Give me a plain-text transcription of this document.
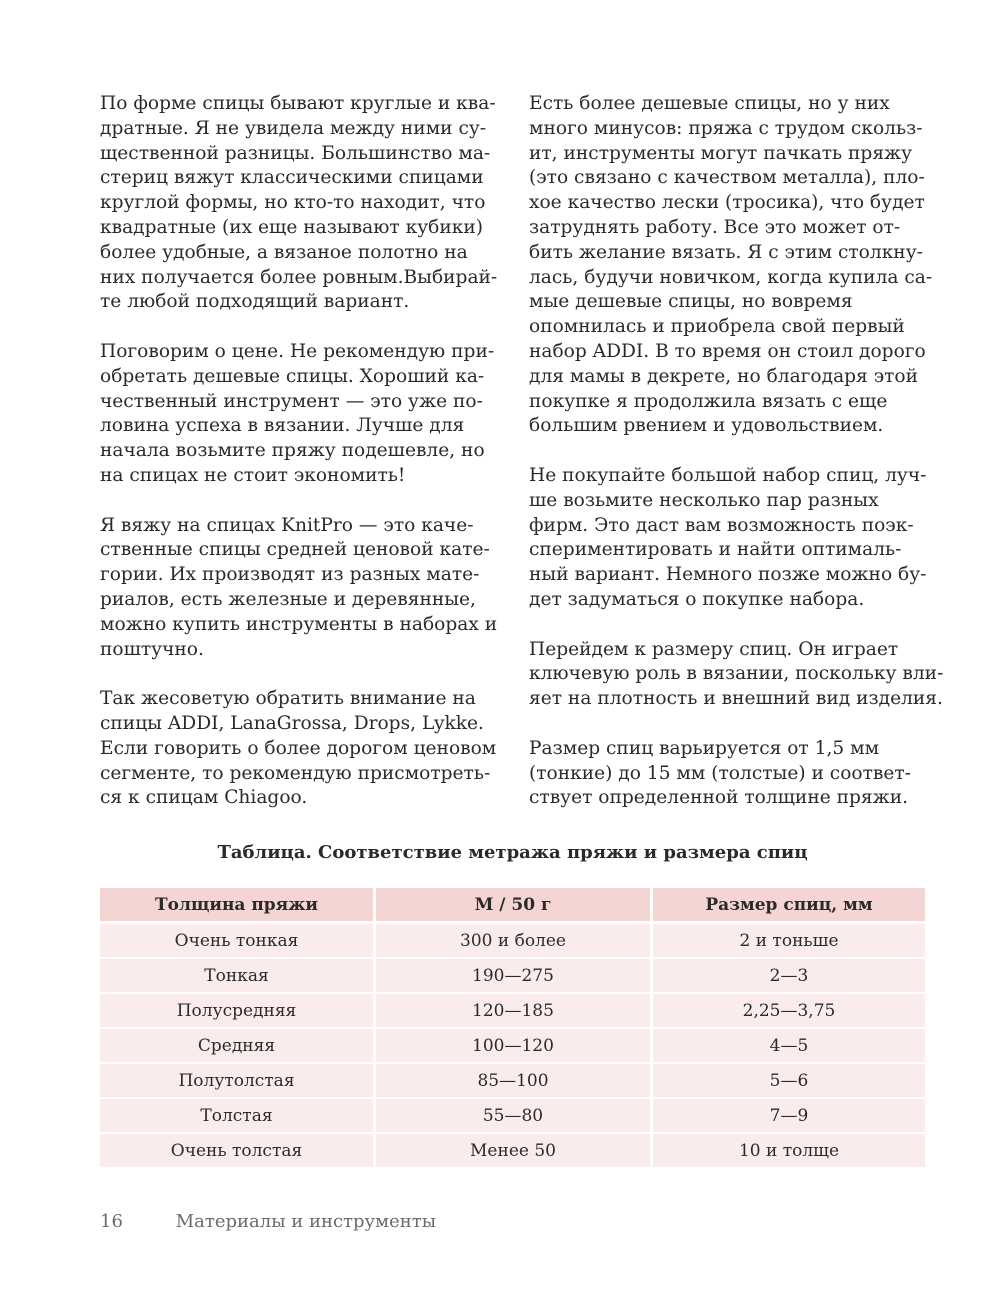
По форме спицы бывают круглые и ква-
дратные. Я не увидела между ними су-
щественной разницы. Большинство ма-
стериц вяжут классическими спицами
круглой формы, но кто-то находит, что
квадратные (их еще называют кубики)
более удобные, а вязаное полотно на
них получается более ровным.Выбирай-
те любой подходящий вариант.

Поговорим о цене. Не рекомендую при-
обретать дешевые спицы. Хороший ка-
чественный инструмент — это уже по-
ловина успеха в вязании. Лучше для
начала возьмите пряжу подешевле, но
на спицах не стоит экономить!

Я вяжу на спицах KnitPro — это каче-
ственные спицы средней ценовой кате-
гории. Их производят из разных мате-
риалов, есть железные и деревянные,
можно купить инструменты в наборах и
поштучно.

Так жесоветую обратить внимание на
спицы ADDI, LanaGrossa, Drops, Lykke.
Если говорить о более дорогом ценовом
сегменте, то рекомендую присмотреть-
ся к спицам Chiagoo.

Есть более дешевые спицы, но у них
много минусов: пряжа с трудом скольз-
ит, инструменты могут пачкать пряжу
(это связано с качеством металла), пло-
хое качество лески (тросика), что будет
затруднять работу. Все это может от-
бить желание вязать. Я с этим столкну-
лась, будучи новичком, когда купила са-
мые дешевые спицы, но вовремя
опомнилась и приобрела свой первый
набор ADDI. В то время он стоил дорого
для мамы в декрете, но благодаря этой
покупке я продолжила вязать с еще
большим рвением и удовольствием.

Не покупайте большой набор спиц, луч-
ше возьмите несколько пар разных
фирм. Это даст вам возможность поэк-
спериментировать и найти оптималь-
ный вариант. Немного позже можно бу-
дет задуматься о покупке набора.

Перейдем к размеру спиц. Он играет
ключевую роль в вязании, поскольку вли-
яет на плотность и внешний вид изделия.

Размер спиц варьируется от 1,5 мм
(тонкие) до 15 мм (толстые) и соответ-
ствует определенной толщине пряжи.

Таблица. Соответствие метража пряжи и размера спиц
Толщина пряжи	М / 50 г	Размер спиц, мм
Очень тонкая	300 и более	2 и тоньше
Тонкая	190—275	2—3
Полусредняя	120—185	2,25—3,75
Средняя	100—120	4—5
Полутолстая	85—100	5—6
Толстая	55—80	7—9
Очень толстая	Менее 50	10 и толще
16	Материалы и инструменты
